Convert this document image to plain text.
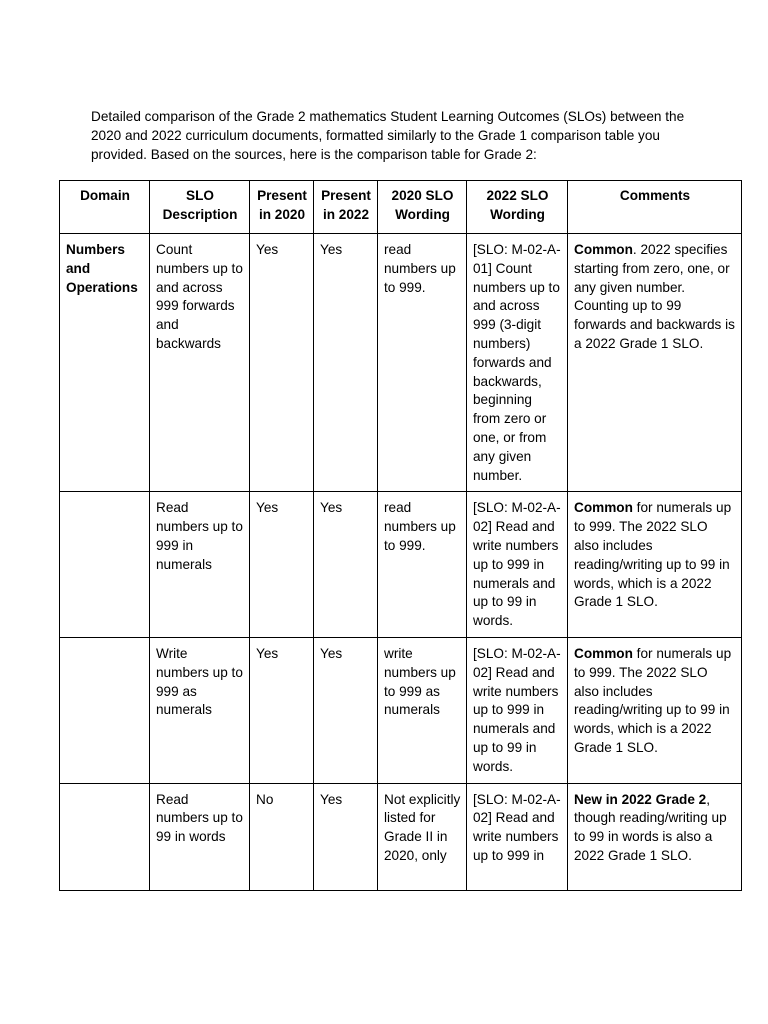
Detailed comparison of the Grade 2 mathematics Student Learning Outcomes (SLOs) between the 2020 and 2022 curriculum documents, formatted similarly to the Grade 1 comparison table you provided. Based on the sources, here is the comparison table for Grade 2:

Domain	SLO Description	Present in 2020	Present in 2022	2020 SLO Wording	2022 SLO Wording	Comments
Numbers and Operations	Count numbers up to and across 999 forwards and backwards	Yes	Yes	read numbers up to 999.	[SLO: M-02-A-01] Count numbers up to and across 999 (3-digit numbers) forwards and backwards, beginning from zero or one, or from any given number.	Common. 2022 specifies starting from zero, one, or any given number. Counting up to 99 forwards and backwards is a 2022 Grade 1 SLO.
	Read numbers up to 999 in numerals	Yes	Yes	read numbers up to 999.	[SLO: M-02-A-02] Read and write numbers up to 999 in numerals and up to 99 in words.	Common for numerals up to 999. The 2022 SLO also includes reading/writing up to 99 in words, which is a 2022 Grade 1 SLO.
	Write numbers up to 999 as numerals	Yes	Yes	write numbers up to 999 as numerals	[SLO: M-02-A-02] Read and write numbers up to 999 in numerals and up to 99 in words.	Common for numerals up to 999. The 2022 SLO also includes reading/writing up to 99 in words, which is a 2022 Grade 1 SLO.

	Read numbers up to 99 in words	No	Yes	Not explicitly listed for Grade II in 2020, only	[SLO: M-02-A-02] Read and write numbers up to 999 in	New in 2022 Grade 2, though reading/writing up to 99 in words is also a 2022 Grade 1 SLO.
